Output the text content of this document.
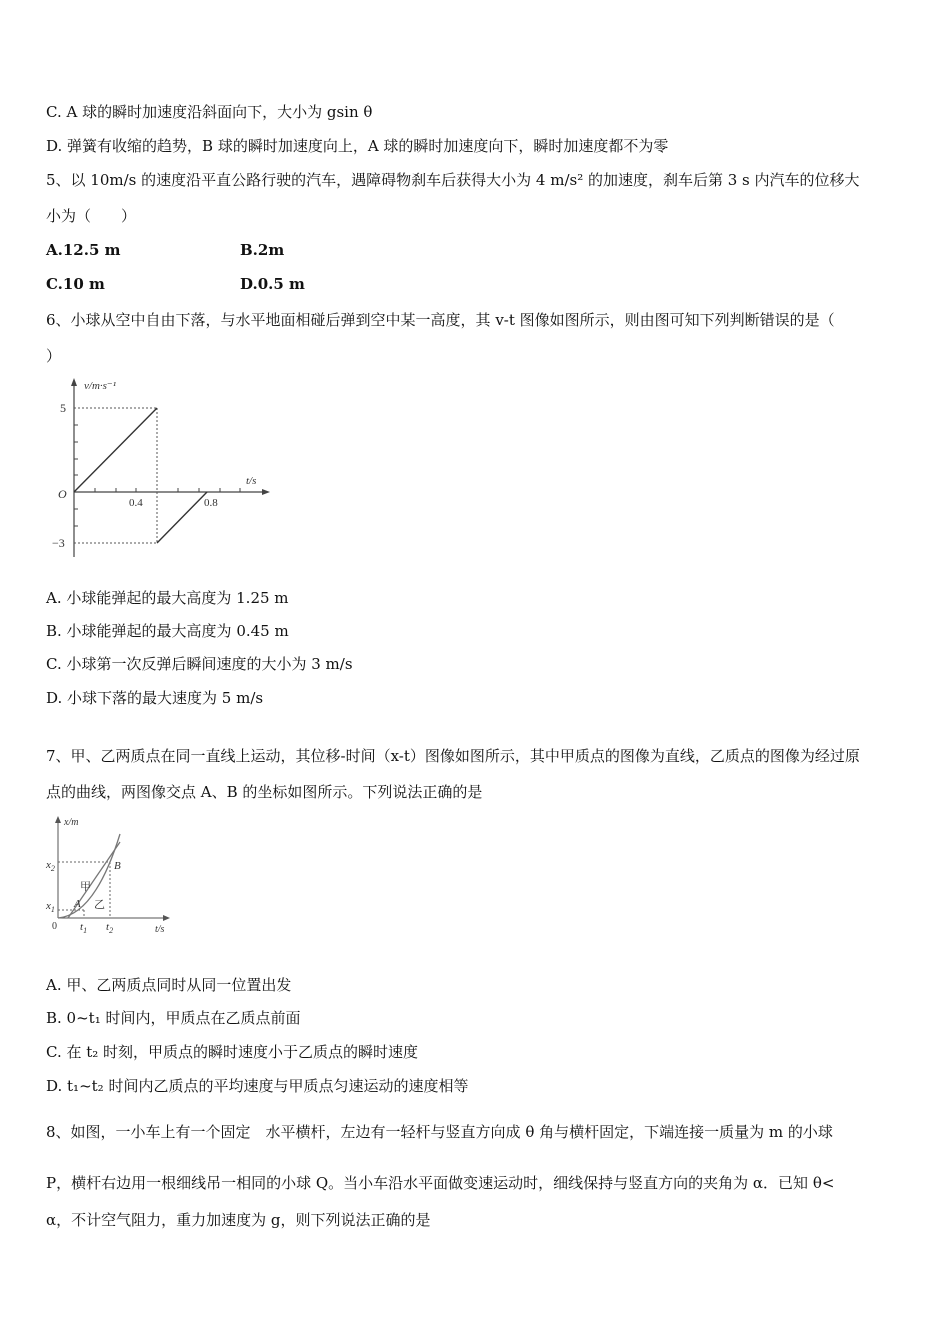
C. A 球的瞬时加速度沿斜面向下，大小为 gsin θ
D. 弹簧有收缩的趋势，B 球的瞬时加速度向上，A 球的瞬时加速度向下，瞬时加速度都不为零
5、以 10m/s 的速度沿平直公路行驶的汽车，遇障碍物刹车后获得大小为 4 m/s² 的加速度，刹车后第 3 s 内汽车的位移大
小为（　　）
A.12.5 m	B.2m
C.10 m	D.0.5 m
6、小球从空中自由下落，与水平地面相碰后弹到空中某一高度，其 v-t 图像如图所示，则由图可知下列判断错误的是（
）
v/m·s⁻¹
t/s
O
5
−3
0.4	0.8
A. 小球能弹起的最大高度为 1.25 m
B. 小球能弹起的最大高度为 0.45 m
C. 小球第一次反弹后瞬间速度的大小为 3 m/s
D. 小球下落的最大速度为 5 m/s
7、甲、乙两质点在同一直线上运动，其位移-时间（x-t）图像如图所示，其中甲质点的图像为直线，乙质点的图像为经过原
点的曲线，两图像交点 A、B 的坐标如图所示。下列说法正确的是
x/m
t/s
0
$x_2$
$x_1$
$t_1$ $t_2$
A
B
甲
乙
A. 甲、乙两质点同时从同一位置出发
B. 0~t₁ 时间内，甲质点在乙质点前面
C. 在 t₂ 时刻，甲质点的瞬时速度小于乙质点的瞬时速度
D. t₁~t₂ 时间内乙质点的平均速度与甲质点匀速运动的速度相等
8、如图，一小车上有一个固定　水平横杆，左边有一轻杆与竖直方向成 θ 角与横杆固定，下端连接一质量为 m 的小球
P，横杆右边用一根细线吊一相同的小球 Q。当小车沿水平面做变速运动时，细线保持与竖直方向的夹角为 α．已知 θ<
α，不计空气阻力，重力加速度为 g，则下列说法正确的是
